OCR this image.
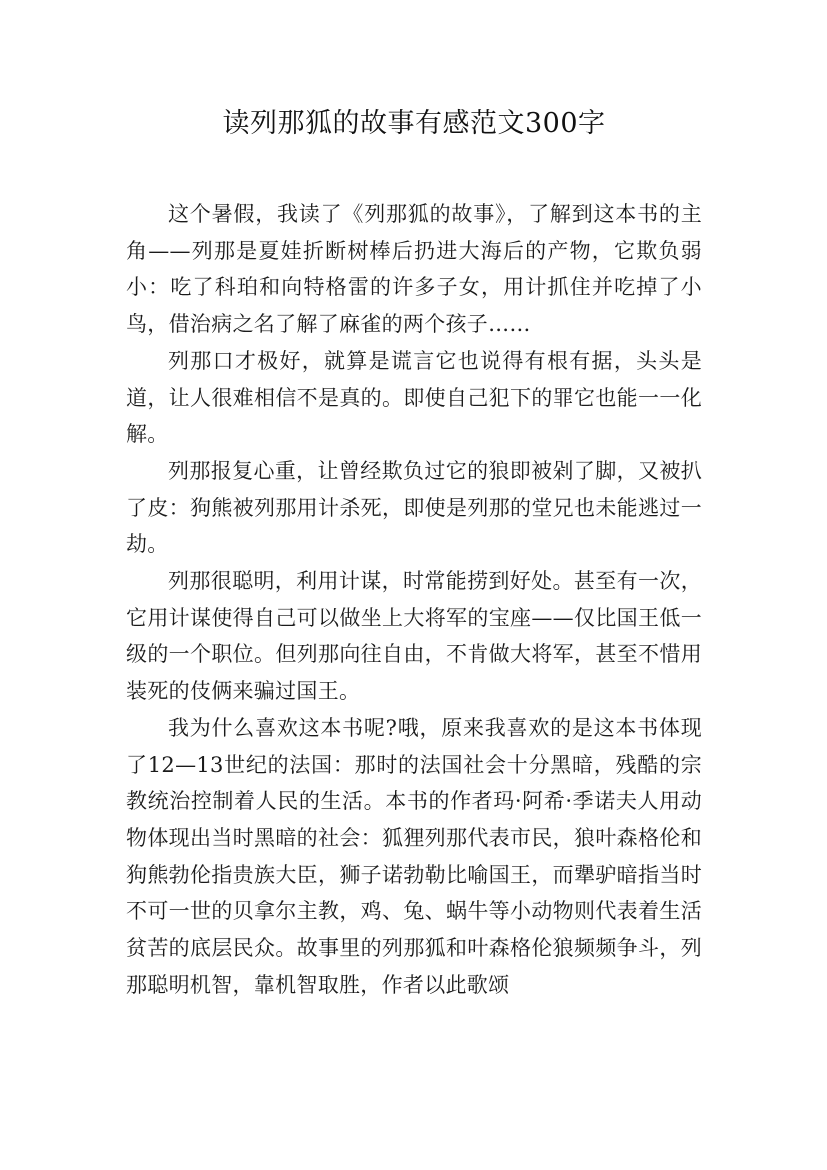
读列那狐的故事有感范文300字

这个暑假，我读了《列那狐的故事》，了解到这本书的主角——列那是夏娃折断树棒后扔进大海后的产物，它欺负弱小：吃了科珀和向特格雷的许多子女，用计抓住并吃掉了小鸟，借治病之名了解了麻雀的两个孩子……

列那口才极好，就算是谎言它也说得有根有据，头头是道，让人很难相信不是真的。即使自己犯下的罪它也能一一化解。

列那报复心重，让曾经欺负过它的狼即被剁了脚，又被扒了皮：狗熊被列那用计杀死，即使是列那的堂兄也未能逃过一劫。

列那很聪明，利用计谋，时常能捞到好处。甚至有一次，它用计谋使得自己可以做坐上大将军的宝座——仅比国王低一级的一个职位。但列那向往自由，不肯做大将军，甚至不惜用装死的伎俩来骗过国王。

我为什么喜欢这本书呢?哦，原来我喜欢的是这本书体现了12—13世纪的法国：那时的法国社会十分黑暗，残酷的宗教统治控制着人民的生活。本书的作者玛·阿希·季诺夫人用动物体现出当时黑暗的社会：狐狸列那代表市民，狼叶森格伦和狗熊勃伦指贵族大臣，狮子诺勃勒比喻国王，而犟驴暗指当时不可一世的贝拿尔主教，鸡、兔、蜗牛等小动物则代表着生活贫苦的底层民众。故事里的列那狐和叶森格伦狼频频争斗，列那聪明机智，靠机智取胜，作者以此歌颂
